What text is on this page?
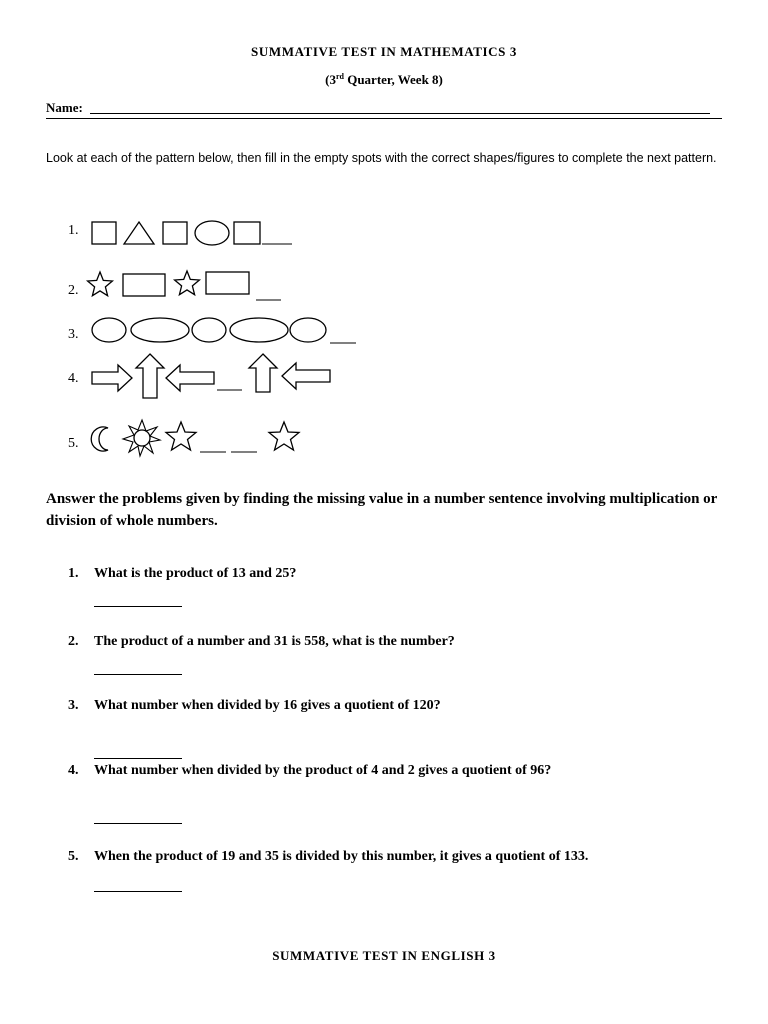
SUMMATIVE TEST IN MATHEMATICS 3
(3rd Quarter, Week 8)
Name:
Look at each of the pattern below, then fill in the empty spots with the correct shapes/figures to complete the next pattern.
1.
2.
3.
4.
5.
Answer the problems given by finding the missing value in a number sentence involving multiplication or division of whole numbers.
1. What is the product of 13 and 25?
2. The product of a number and 31 is 558, what is the number?
3. What number when divided by 16 gives a quotient of 120?
4. What number when divided by the product of 4 and 2 gives a quotient of 96?
5. When the product of 19 and 35 is divided by this number, it gives a quotient of 133.
SUMMATIVE TEST IN ENGLISH 3
